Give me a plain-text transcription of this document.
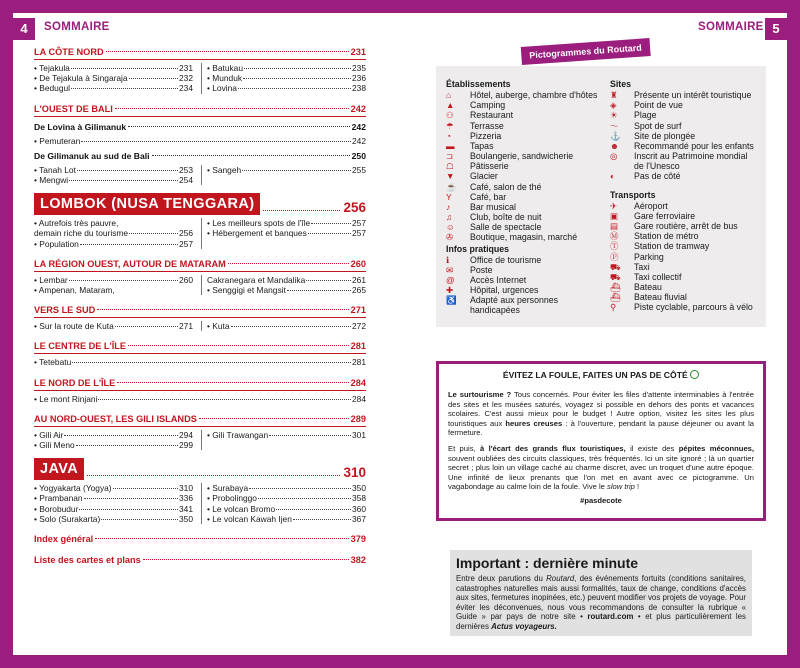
4	SOMMAIRE
LA CÔTE NORD	231
• Tejakula	231
• De Tejakula à Singaraja	232
• Bedugul	234
• Batukau	235
• Munduk	236
• Lovina	238
L'OUEST DE BALI	242
De Lovina à Gilimanuk	242
• Pemuteran	242
De Gilimanuk au sud de Bali	250
• Tanah Lot	253
• Mengwi	254
• Sangeh	255
LOMBOK (NUSA TENGGARA)	256
• Autrefois très pauvre,
demain riche du tourisme	256
• Population	257
• Les meilleurs spots de l'île	257
• Hébergement et banques	257
LA RÉGION OUEST, AUTOUR DE MATARAM	260
• Lembar	260
• Ampenan, Mataram,
Cakranegara et Mandalika	261
• Senggigi et Mangsit	265
VERS LE SUD	271
• Sur la route de Kuta	271 • Kuta	272
LE CENTRE DE L'ÎLE	281
• Tetebatu	281
LE NORD DE L'ÎLE	284
• Le mont Rinjani	284
AU NORD-OUEST, LES GILI ISLANDS	289
• Gili Air	294
• Gili Meno	299
• Gili Trawangan	301
JAVA	310
• Yogyakarta (Yogya)	310
• Prambanan	336
• Borobudur	341
• Solo (Surakarta)	350
• Surabaya	350
• Probolinggo	358
• Le volcan Bromo	360
• Le volcan Kawah Ijen	367
Index général	379
Liste des cartes et plans	382
5
SOMMAIRE
Pictogrammes du Routard
Établissements
⌂	Hôtel, auberge, chambre d'hôtes
▲	Camping
⚇	Restaurant
☂	Terrasse
◔	Pizzeria
▬	Tapas
⊐	Boulangerie, sandwicherie
☖	Pâtisserie
▼	Glacier
☕	Café, salon de thé
Y	Café, bar
♪	Bar musical
♫	Club, boîte de nuit
☺	Salle de spectacle
✇	Boutique, magasin, marché
Infos pratiques
ℹ	Office de tourisme
✉	Poste
@	Accès Internet
✚	Hôpital, urgences
♿	Adapté aux personnes
handicapées
Sites
♜	Présente un intérêt touristique
◈	Point de vue
☀	Plage
〜	Spot de surf
⚓	Site de plongée
☻	Recommandé pour les enfants
◎	Inscrit au Patrimoine mondial
de l'Unesco
◐	Pas de côté
Transports
✈	Aéroport
▣	Gare ferroviaire
▤	Gare routière, arrêt de bus
Ⓜ	Station de métro
Ⓣ	Station de tramway
Ⓟ	Parking
⛟	Taxi
⛟	Taxi collectif
⛴	Bateau
⛴	Bateau fluvial
⚲	Piste cyclable, parcours à vélo
ÉVITEZ LA FOULE, FAITES UN PAS DE CÔTÉ

Le surtourisme ? Tous concernés. Pour éviter les files d'attente interminables à l'entrée des sites et les musées saturés, voyagez si possible en dehors des ponts et vacances scolaires. C'est aussi mieux pour le budget ! Autre option, visitez les sites les plus touristiques aux heures creuses : à l'ouverture, pendant la pause déjeuner ou avant la fermeture.

Et puis, à l'écart des grands flux touristiques, il existe des pépites méconnues, souvent oubliées des circuits classiques, très fréquentés. Ici un site ignoré ; là un quartier secret ; plus loin un village caché au charme discret, avec un troquet d'une autre époque. Une infinité de lieux prenants que l'on met en avant avec ce pictogramme. Un vagabondage au calme loin de la foule. Vive le slow trip !

#pasdecote
Important : dernière minute

Entre deux parutions du Routard, des événements fortuits (conditions sanitaires, catastrophes naturelles mais aussi formalités, taux de change, conditions d'accès aux sites, fermetures inopinées, etc.) peuvent modifier vos projets de voyage. Pour éviter les déconvenues, nous vous recommandons de consulter la rubrique « Guide » par pays de notre site • routard.com • et plus particulièrement les dernières Actus voyageurs.
